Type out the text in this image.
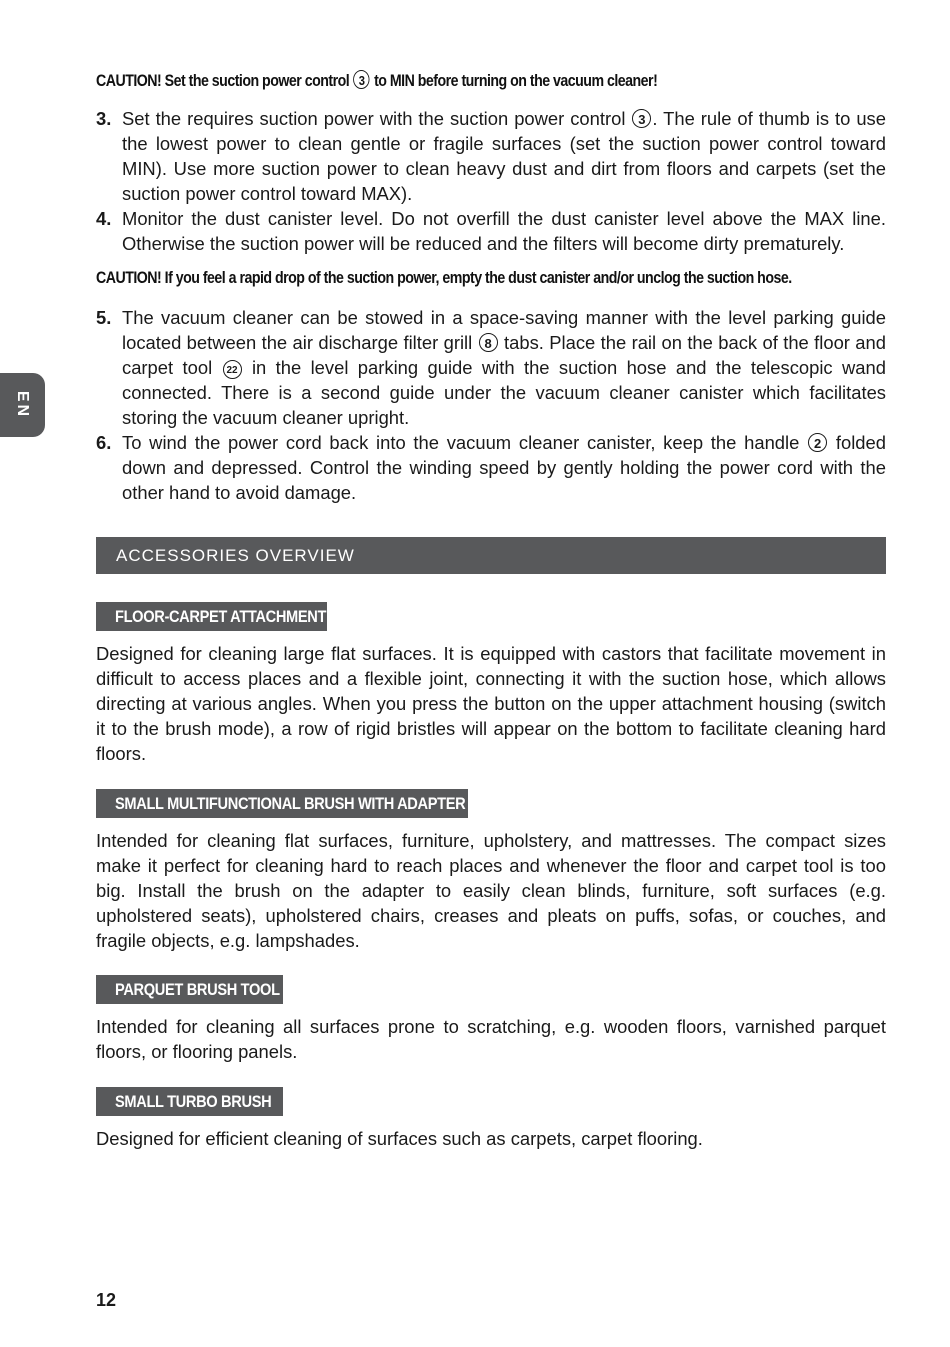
EN
CAUTION! Set the suction power control 3 to MIN before turning on the vacuum cleaner!
3. Set the requires suction power with the suction power control 3 . The rule of thumb is to use the lowest power to clean gentle or fragile surfaces (set the suction power control toward MIN). Use more suction power to clean heavy dust and dirt from floors and carpets (set the suction power control toward MAX).
4. Monitor the dust canister level. Do not overfill the dust canister level above the MAX line. Otherwise the suction power will be reduced and the filters will become dirty prematurely.
CAUTION! If you feel a rapid drop of the suction power, empty the dust canister and/or unclog the suction hose.
5. The vacuum cleaner can be stowed in a space-saving manner with the level parking guide located between the air discharge filter grill 8 tabs. Place the rail on the back of the floor and carpet tool 22 in the level parking guide with the suction hose and the telescopic wand connected. There is a second guide under the vacuum cleaner canister which facilitates storing the vacuum cleaner upright.
6. To wind the power cord back into the vacuum cleaner canister, keep the handle 2 folded down and depressed. Control the winding speed by gently holding the power cord with the other hand to avoid damage.
ACCESSORIES OVERVIEW
FLOOR-CARPET ATTACHMENT
Designed for cleaning large flat surfaces. It is equipped with castors that facilitate movement in difficult to access places and a flexible joint, connecting it with the suction hose, which allows directing at various angles. When you press the button on the upper attachment housing (switch it to the brush mode), a row of rigid bristles will appear on the bottom to facilitate cleaning hard floors.
SMALL MULTIFUNCTIONAL BRUSH WITH ADAPTER
Intended for cleaning flat surfaces, furniture, upholstery, and mattresses. The compact sizes make it perfect for cleaning hard to reach places and whenever the floor and carpet tool is too big. Install the brush on the adapter to easily clean blinds, furniture, soft surfaces (e.g. upholstered seats), upholstered chairs, creases and pleats on puffs, sofas, or couches, and fragile objects, e.g. lampshades.
PARQUET BRUSH TOOL
Intended for cleaning all surfaces prone to scratching, e.g. wooden floors, varnished parquet floors, or flooring panels.
SMALL TURBO BRUSH
Designed for efficient cleaning of surfaces such as carpets, carpet flooring.
12
